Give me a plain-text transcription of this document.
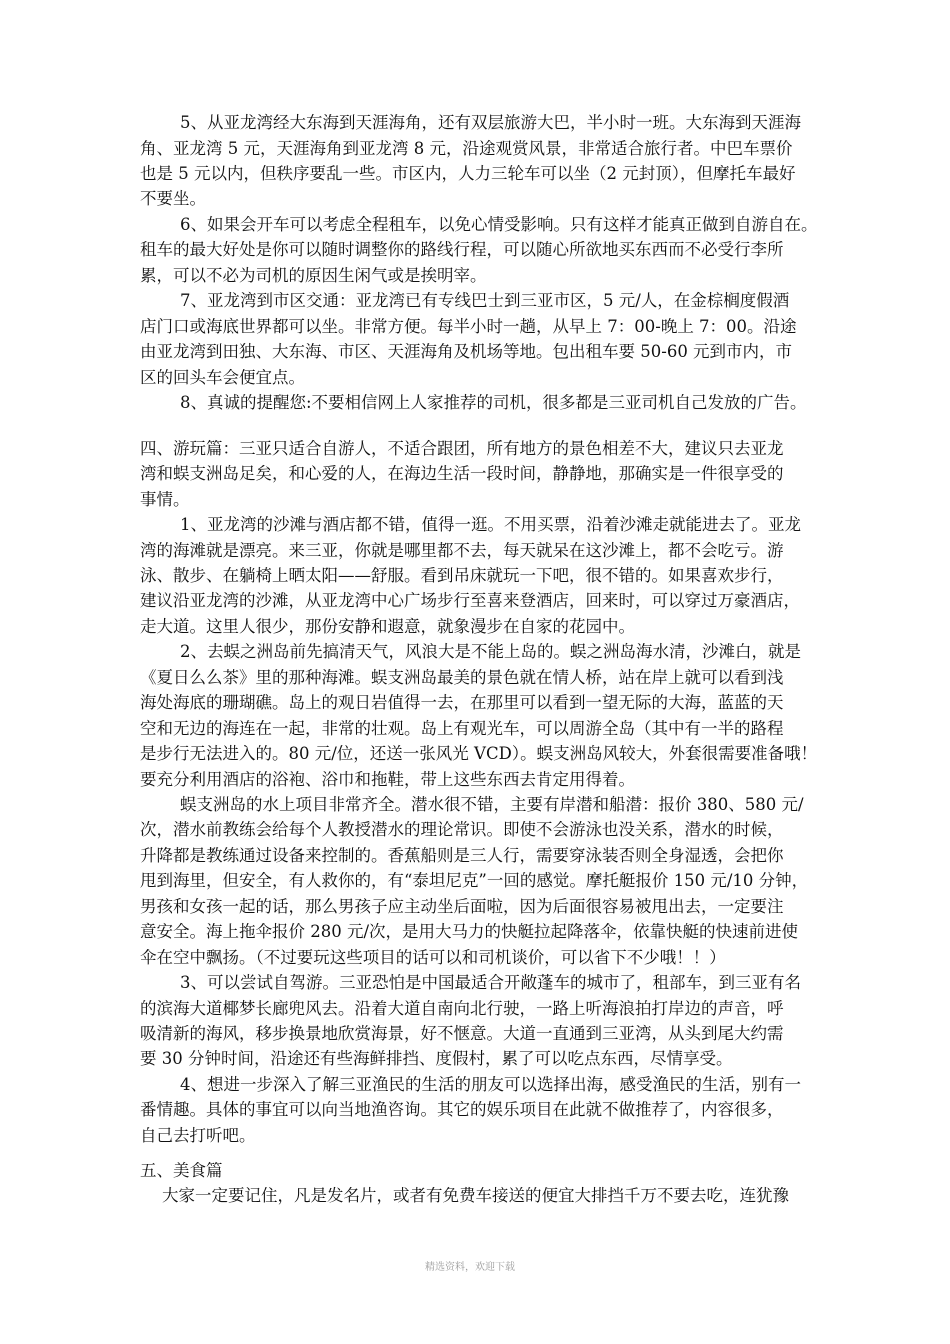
5、从亚龙湾经大东海到天涯海角，还有双层旅游大巴，半小时一班。大东海到天涯海
角、亚龙湾 5 元，天涯海角到亚龙湾 8 元，沿途观赏风景，非常适合旅行者。中巴车票价
也是 5 元以内，但秩序要乱一些。市区内，人力三轮车可以坐（2 元封顶），但摩托车最好
不要坐。
6、如果会开车可以考虑全程租车，以免心情受影响。只有这样才能真正做到自游自在。
租车的最大好处是你可以随时调整你的路线行程，可以随心所欲地买东西而不必受行李所
累，可以不必为司机的原因生闲气或是挨明宰。
7、亚龙湾到市区交通：亚龙湾已有专线巴士到三亚市区，5 元/人，在金棕榈度假酒
店门口或海底世界都可以坐。非常方便。每半小时一趟，从早上 7：00-晚上 7：00。沿途
由亚龙湾到田独、大东海、市区、天涯海角及机场等地。包出租车要 50-60 元到市内，市
区的回头车会便宜点。
8、真诚的提醒您:不要相信网上人家推荐的司机，很多都是三亚司机自己发放的广告。
四、游玩篇：三亚只适合自游人，不适合跟团，所有地方的景色相差不大，建议只去亚龙
湾和蜈支洲岛足矣，和心爱的人，在海边生活一段时间，静静地，那确实是一件很享受的
事情。
1、亚龙湾的沙滩与酒店都不错，值得一逛。不用买票，沿着沙滩走就能进去了。亚龙
湾的海滩就是漂亮。来三亚，你就是哪里都不去，每天就呆在这沙滩上，都不会吃亏。游
泳、散步、在躺椅上晒太阳——舒服。看到吊床就玩一下吧，很不错的。如果喜欢步行，
建议沿亚龙湾的沙滩，从亚龙湾中心广场步行至喜来登酒店，回来时，可以穿过万豪酒店，
走大道。这里人很少，那份安静和遐意，就象漫步在自家的花园中。
2、去蜈之洲岛前先搞清天气，风浪大是不能上岛的。蜈之洲岛海水清，沙滩白，就是
《夏日么么茶》里的那种海滩。蜈支洲岛最美的景色就在情人桥，站在岸上就可以看到浅
海处海底的珊瑚礁。岛上的观日岩值得一去，在那里可以看到一望无际的大海，蓝蓝的天
空和无边的海连在一起，非常的壮观。岛上有观光车，可以周游全岛（其中有一半的路程
是步行无法进入的。80 元/位，还送一张风光 VCD）。蜈支洲岛风较大，外套很需要准备哦！
要充分利用酒店的浴袍、浴巾和拖鞋，带上这些东西去肯定用得着。
蜈支洲岛的水上项目非常齐全。潜水很不错，主要有岸潜和船潜：报价 380、580 元/
次，潜水前教练会给每个人教授潜水的理论常识。即使不会游泳也没关系，潜水的时候，
升降都是教练通过设备来控制的。香蕉船则是三人行，需要穿泳装否则全身湿透，会把你
甩到海里，但安全，有人救你的，有“泰坦尼克”一回的感觉。摩托艇报价 150 元/10 分钟，
男孩和女孩一起的话，那么男孩子应主动坐后面啦，因为后面很容易被甩出去，一定要注
意安全。海上拖伞报价 280 元/次，是用大马力的快艇拉起降落伞，依靠快艇的快速前进使
伞在空中飘扬。（不过要玩这些项目的话可以和司机谈价，可以省下不少哦！！）
3、可以尝试自驾游。三亚恐怕是中国最适合开敞蓬车的城市了，租部车，到三亚有名
的滨海大道椰梦长廊兜风去。沿着大道自南向北行驶，一路上听海浪拍打岸边的声音，呼
吸清新的海风，移步换景地欣赏海景，好不惬意。大道一直通到三亚湾，从头到尾大约需
要 30 分钟时间，沿途还有些海鲜排挡、度假村，累了可以吃点东西，尽情享受。
4、想进一步深入了解三亚渔民的生活的朋友可以选择出海，感受渔民的生活，别有一
番情趣。具体的事宜可以向当地渔咨询。其它的娱乐项目在此就不做推荐了，内容很多，
自己去打听吧。
五、美食篇
大家一定要记住，凡是发名片，或者有免费车接送的便宜大排挡千万不要去吃，连犹豫
精选资料，欢迎下载
